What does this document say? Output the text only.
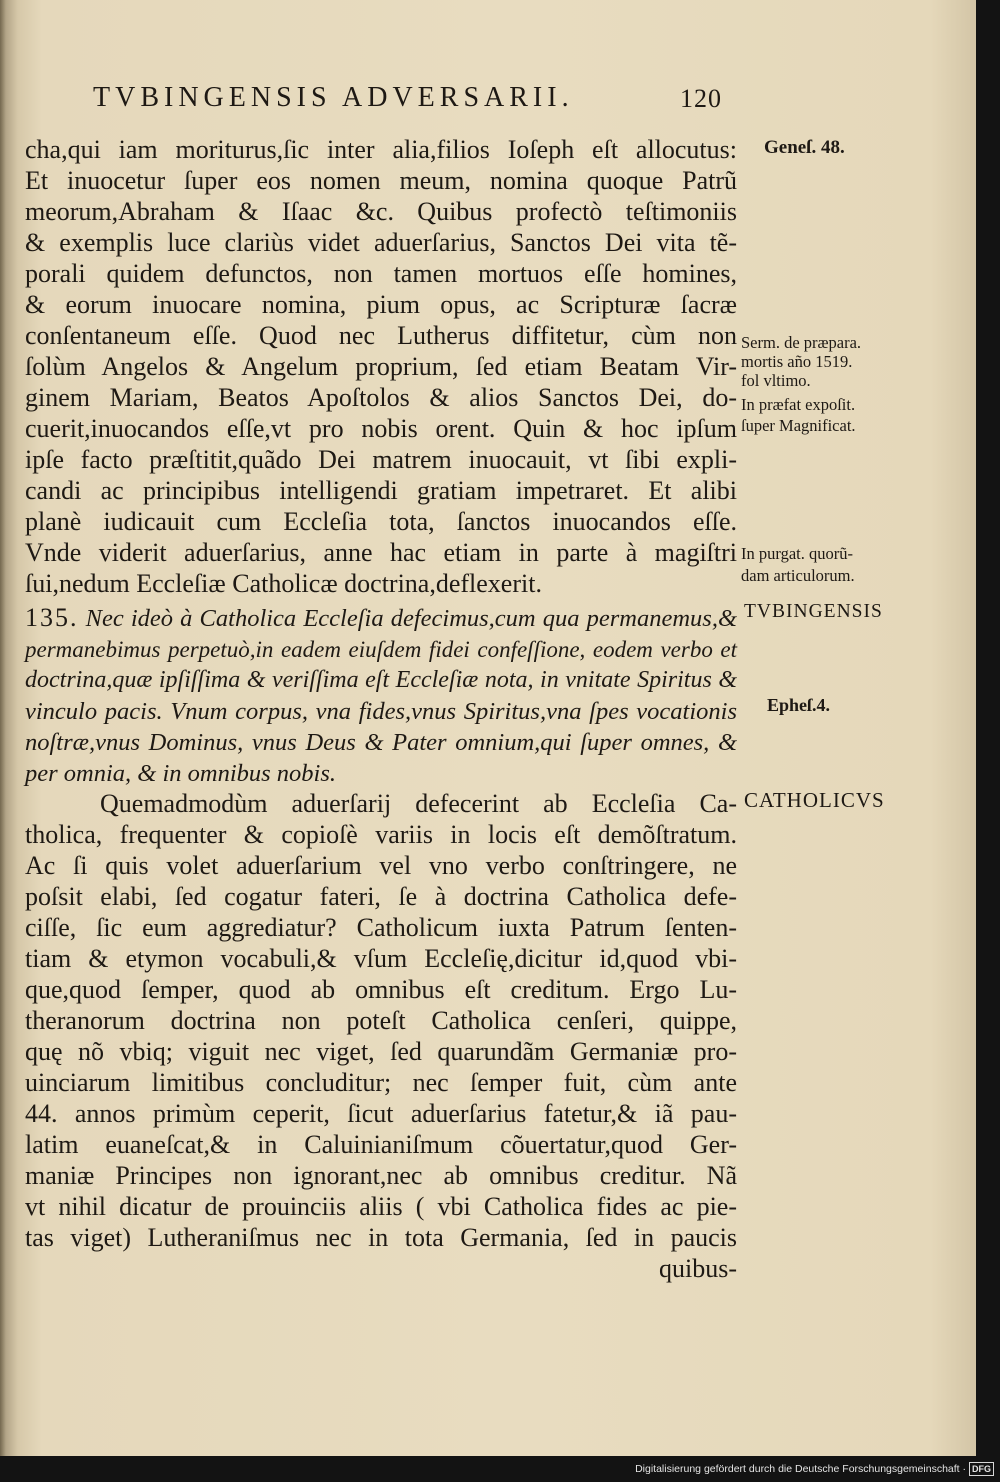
TVBINGENSIS ADVERSARII.	120
cha,qui iam moriturus,ſic inter alia,filios Ioſeph eſt allocutus:
Et inuocetur ſuper eos nomen meum, nomina quoque Patrũ
meorum,Abraham & Iſaac &c. Quibus profectò teſtimoniis
& exemplis luce clariùs videt aduerſarius, Sanctos Dei vita tẽ-
porali quidem defunctos, non tamen mortuos eſſe homines,
& eorum inuocare nomina, pium opus, ac Scripturæ ſacræ
conſentaneum eſſe. Quod nec Lutherus diffitetur, cùm non
ſolùm Angelos & Angelum proprium, ſed etiam Beatam Vir-
ginem Mariam, Beatos Apoſtolos & alios Sanctos Dei, do-
cuerit,inuocandos eſſe,vt pro nobis orent. Quin & hoc ipſum
ipſe facto præſtitit,quãdo Dei matrem inuocauit, vt ſibi expli-
candi ac principibus intelligendi gratiam impetraret. Et alibi
planè iudicauit cum Eccleſia tota, ſanctos inuocandos eſſe.
Vnde viderit aduerſarius, anne hac etiam in parte à magiſtri
ſui,nedum Eccleſiæ Catholicæ doctrina,deflexerit.
135. Nec ideò à Catholica Eccleſia defecimus,cum qua permanemus,&
permanebimus perpetuò,in eadem eiuſdem fidei confeſſione, eodem verbo et
doctrina,quæ ipſiſſima & veriſſima eſt Eccleſiæ nota, in vnitate Spiritus &
vinculo pacis. Vnum corpus, vna fides,vnus Spiritus,vna ſpes vocationis
noſtræ,vnus Dominus, vnus Deus & Pater omnium,qui ſuper omnes, &
per omnia, & in omnibus nobis.
Quemadmodùm aduerſarij defecerint ab Eccleſia Ca-
tholica, frequenter & copioſè variis in locis eſt demõſtratum.
Ac ſi quis volet aduerſarium vel vno verbo conſtringere, ne
poſsit elabi, ſed cogatur fateri, ſe à doctrina Catholica defe-
ciſſe, ſic eum aggrediatur? Catholicum iuxta Patrum ſenten-
tiam & etymon vocabuli,& vſum Eccleſię,dicitur id,quod vbi-
que,quod ſemper, quod ab omnibus eſt creditum. Ergo Lu-
theranorum doctrina non poteſt Catholica cenſeri, quippe,
quę nõ vbiq; viguit nec viget, ſed quarundãm Germaniæ pro-
uinciarum limitibus concluditur; nec ſemper fuit, cùm ante
44. annos primùm ceperit, ſicut aduerſarius fatetur,& iã pau-
latim euaneſcat,& in Caluinianiſmum cõuertatur,quod Ger-
maniæ Principes non ignorant,nec ab omnibus creditur. Nã
vt nihil dicatur de prouinciis aliis ( vbi Catholica fides ac pie-
tas viget) Lutheraniſmus nec in tota Germania, ſed in paucis
quibus-
Geneſ. 48.
Serm. de præpara.
mortis año 1519.
fol vltimo.
In præfat expoſit.
ſuper Magnificat.
In purgat. quorũ-
dam articulorum.
TVBINGENSIS
Epheſ.4.
CATHOLICVS
Digitalisierung gefördert durch die Deutsche Forschungsgemeinschaft · DFG
